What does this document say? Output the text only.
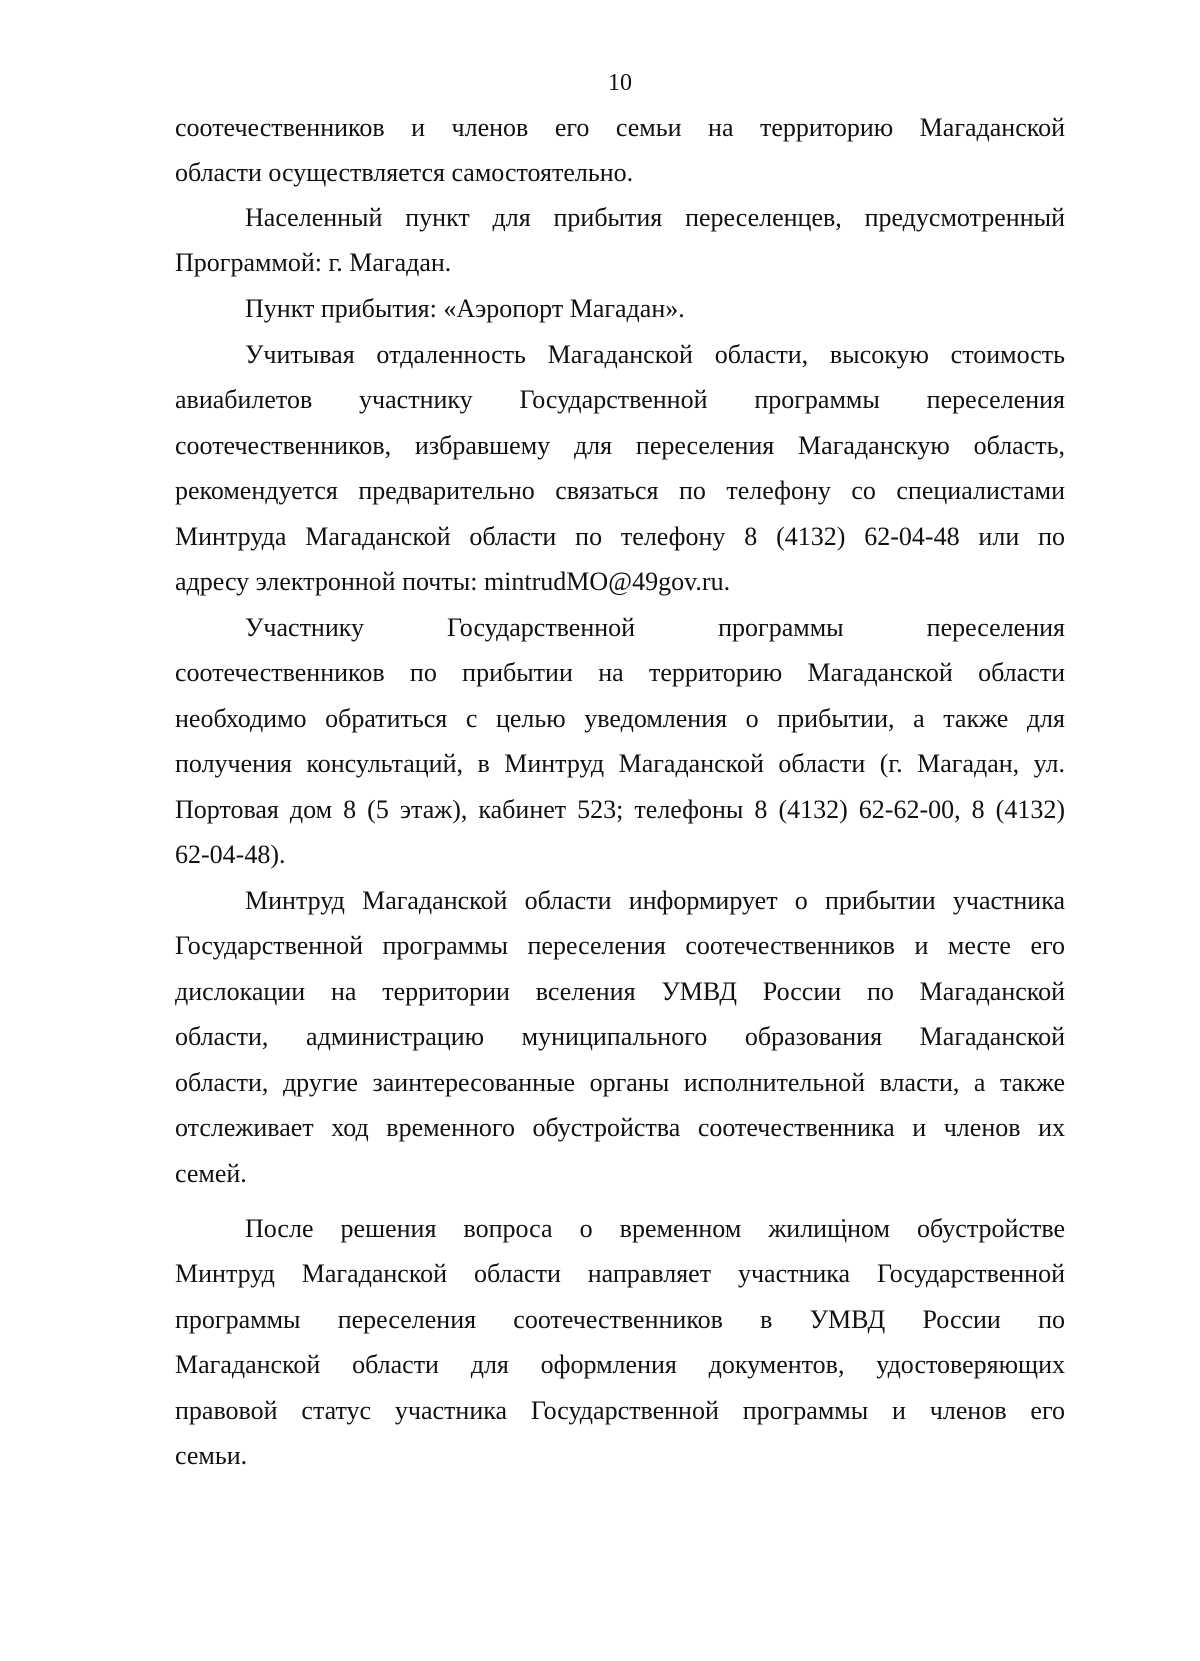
10
соотечественников и членов его семьи на территорию Магаданской
области осуществляется самостоятельно.
Населенный пункт для прибытия переселенцев, предусмотренный
Программой: г. Магадан.
Пункт прибытия: «Аэропорт Магадан».
Учитывая отдаленность Магаданской области, высокую стоимость
авиабилетов участнику Государственной программы переселения
соотечественников, избравшему для переселения Магаданскую область,
рекомендуется предварительно связаться по телефону со специалистами
Минтруда Магаданской области по телефону 8 (4132) 62-04-48 или по
адресу электронной почты: mintrudMO@49gov.ru.
Участнику Государственной программы переселения
соотечественников по прибытии на территорию Магаданской области
необходимо обратиться с целью уведомления о прибытии, а также для
получения консультаций, в Минтруд Магаданской области (г. Магадан, ул.
Портовая дом 8 (5 этаж), кабинет 523; телефоны 8 (4132) 62-62-00, 8 (4132)
62-04-48).
Минтруд Магаданской области информирует о прибытии участника
Государственной программы переселения соотечественников и месте его
дислокации на территории вселения УМВД России по Магаданской
области, администрацию муниципального образования Магаданской
области, другие заинтересованные органы исполнительной власти, а также
отслеживает ход временного обустройства соотечественника и членов их
семей.
После решения вопроса о временном жилищном обустройстве
Минтруд Магаданской области направляет участника Государственной
программы переселения соотечественников в УМВД России по
Магаданской области для оформления документов, удостоверяющих
правовой статус участника Государственной программы и членов его
семьи.
